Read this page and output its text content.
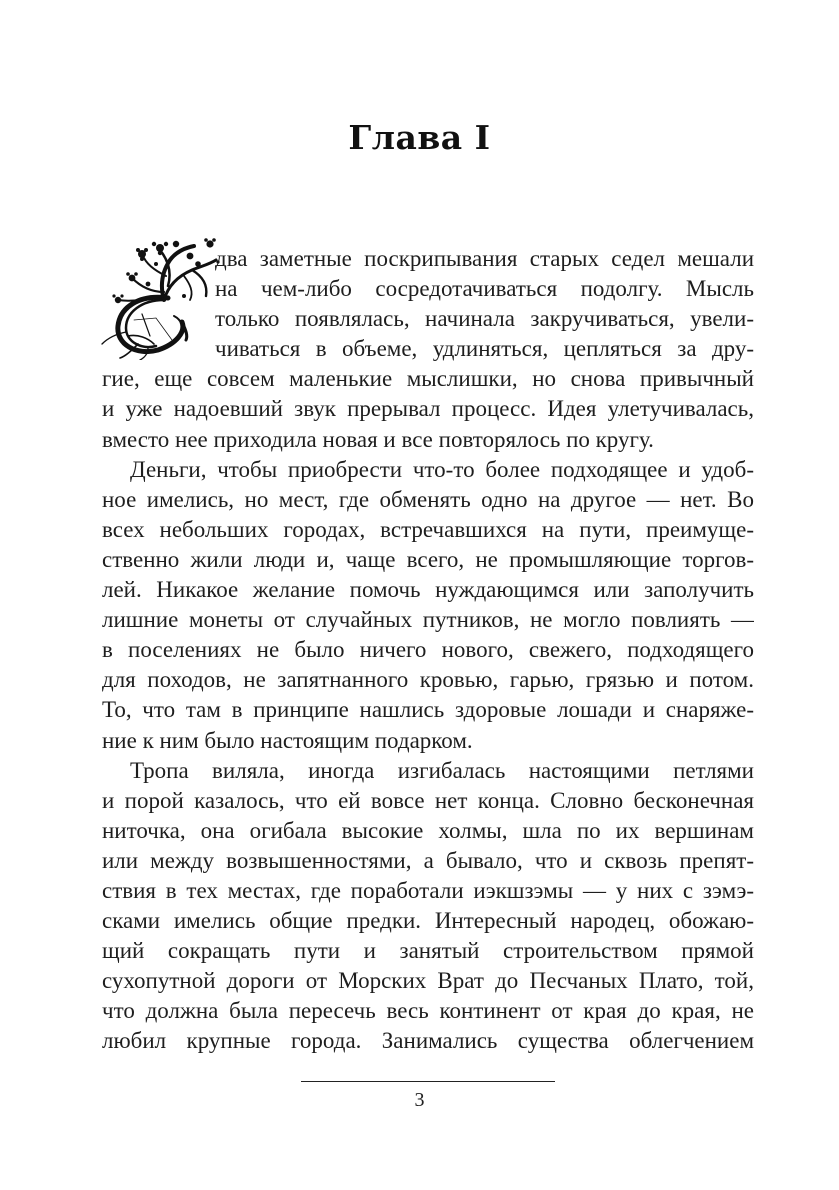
Глава I
два заметные поскрипывания старых седел мешали
на чем-либо сосредотачиваться подолгу. Мысль
только появлялась, начинала закручиваться, увели-
чиваться в объеме, удлиняться, цепляться за дру-
гие, еще совсем маленькие мыслишки, но снова привычный
и уже надоевший звук прерывал процесс. Идея улетучивалась,
вместо нее приходила новая и все повторялось по кругу.
Деньги, чтобы приобрести что-то более подходящее и удоб-
ное имелись, но мест, где обменять одно на другое — нет. Во
всех небольших городах, встречавшихся на пути, преимуще-
ственно жили люди и, чаще всего, не промышляющие торгов-
лей. Никакое желание помочь нуждающимся или заполучить
лишние монеты от случайных путников, не могло повлиять —
в поселениях не было ничего нового, свежего, подходящего
для походов, не запятнанного кровью, гарью, грязью и потом.
То, что там в принципе нашлись здоровые лошади и снаряже-
ние к ним было настоящим подарком.
Тропа виляла, иногда изгибалась настоящими петлями
и порой казалось, что ей вовсе нет конца. Словно бесконечная
ниточка, она огибала высокие холмы, шла по их вершинам
или между возвышенностями, а бывало, что и сквозь препят-
ствия в тех местах, где поработали иэкшзэмы — у них с зэмэ-
сками имелись общие предки. Интересный народец, обожаю-
щий сокращать пути и занятый строительством прямой
сухопутной дороги от Морских Врат до Песчаных Плато, той,
что должна была пересечь весь континент от края до края, не
любил крупные города. Занимались существа облегчением
3
